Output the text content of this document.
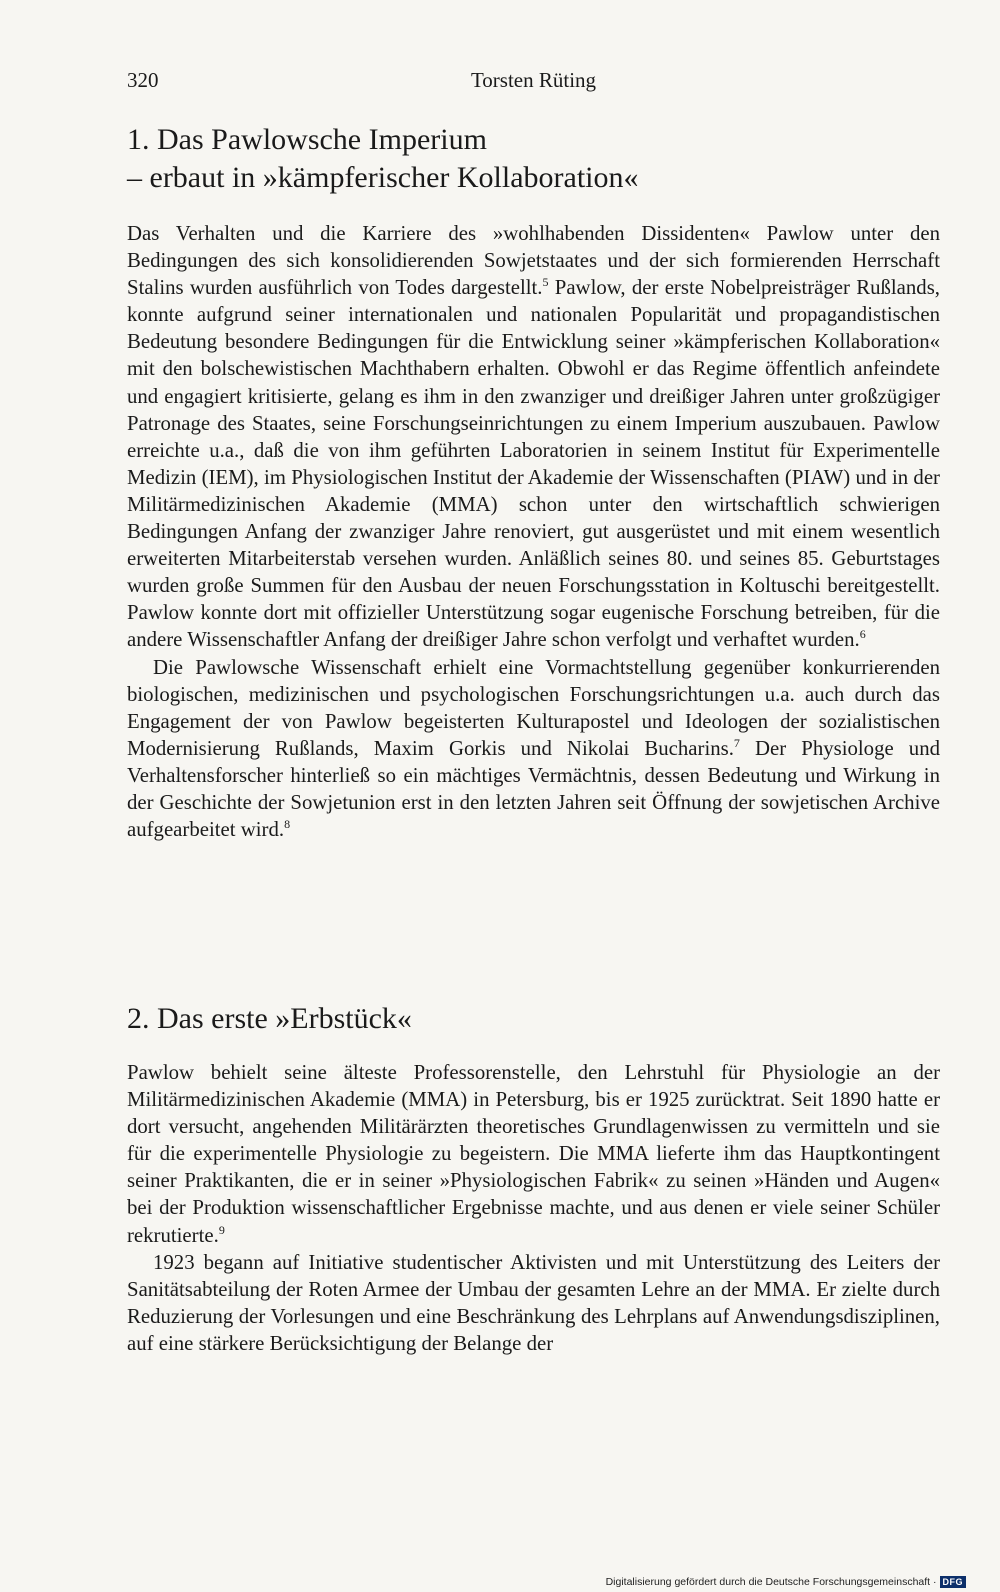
320	Torsten Rüting
1. Das Pawlowsche Imperium
– erbaut in »kämpferischer Kollaboration«

Das Verhalten und die Karriere des »wohlhabenden Dissidenten« Pawlow unter den Bedingungen des sich konsolidierenden Sowjetstaates und der sich formierenden Herrschaft Stalins wurden ausführlich von Todes dargestellt.$^5$ Pawlow, der erste Nobelpreisträger Rußlands, konnte aufgrund seiner internationalen und nationalen Popularität und propagandistischen Bedeutung besondere Bedingungen für die Entwicklung seiner »kämpferischen Kollaboration« mit den bolschewistischen Machthabern erhalten. Obwohl er das Regime öffentlich anfeindete und engagiert kritisierte, gelang es ihm in den zwanziger und dreißiger Jahren unter großzügiger Patronage des Staates, seine Forschungseinrichtungen zu einem Imperium auszubauen. Pawlow erreichte u.a., daß die von ihm geführten Laboratorien in seinem Institut für Experimentelle Medizin (IEM), im Physiologischen Institut der Akademie der Wissenschaften (PIAW) und in der Militärmedizinischen Akademie (MMA) schon unter den wirtschaftlich schwierigen Bedingungen Anfang der zwanziger Jahre renoviert, gut ausgerüstet und mit einem wesentlich erweiterten Mitarbeiterstab versehen wurden. Anläßlich seines 80. und seines 85. Geburtstages wurden große Summen für den Ausbau der neuen Forschungsstation in Koltuschi bereitgestellt. Pawlow konnte dort mit offizieller Unterstützung sogar eugenische Forschung betreiben, für die andere Wissenschaftler Anfang der dreißiger Jahre schon verfolgt und verhaftet wurden.$^6$

Die Pawlowsche Wissenschaft erhielt eine Vormachtstellung gegenüber konkurrierenden biologischen, medizinischen und psychologischen Forschungsrichtungen u.a. auch durch das Engagement der von Pawlow begeisterten Kulturapostel und Ideologen der sozialistischen Modernisierung Rußlands, Maxim Gorkis und Nikolai Bucharins.$^7$ Der Physiologe und Verhaltensforscher hinterließ so ein mächtiges Vermächtnis, dessen Bedeutung und Wirkung in der Geschichte der Sowjetunion erst in den letzten Jahren seit Öffnung der sowjetischen Archive aufgearbeitet wird.$^8$

2. Das erste »Erbstück«

Pawlow behielt seine älteste Professorenstelle, den Lehrstuhl für Physiologie an der Militärmedizinischen Akademie (MMA) in Petersburg, bis er 1925 zurücktrat. Seit 1890 hatte er dort versucht, angehenden Militärärzten theoretisches Grundlagenwissen zu vermitteln und sie für die experimentelle Physiologie zu begeistern. Die MMA lieferte ihm das Hauptkontingent seiner Praktikanten, die er in seiner »Physiologischen Fabrik« zu seinen »Händen und Augen« bei der Produktion wissenschaftlicher Ergebnisse machte, und aus denen er viele seiner Schüler rekrutierte.$^9$

1923 begann auf Initiative studentischer Aktivisten und mit Unterstützung des Leiters der Sanitätsabteilung der Roten Armee der Umbau der gesamten Lehre an der MMA. Er zielte durch Reduzierung der Vorlesungen und eine Beschränkung des Lehrplans auf Anwendungsdisziplinen, auf eine stärkere Berücksichtigung der Belange der

Digitalisierung gefördert durch die Deutsche Forschungsgemeinschaft · DFG
